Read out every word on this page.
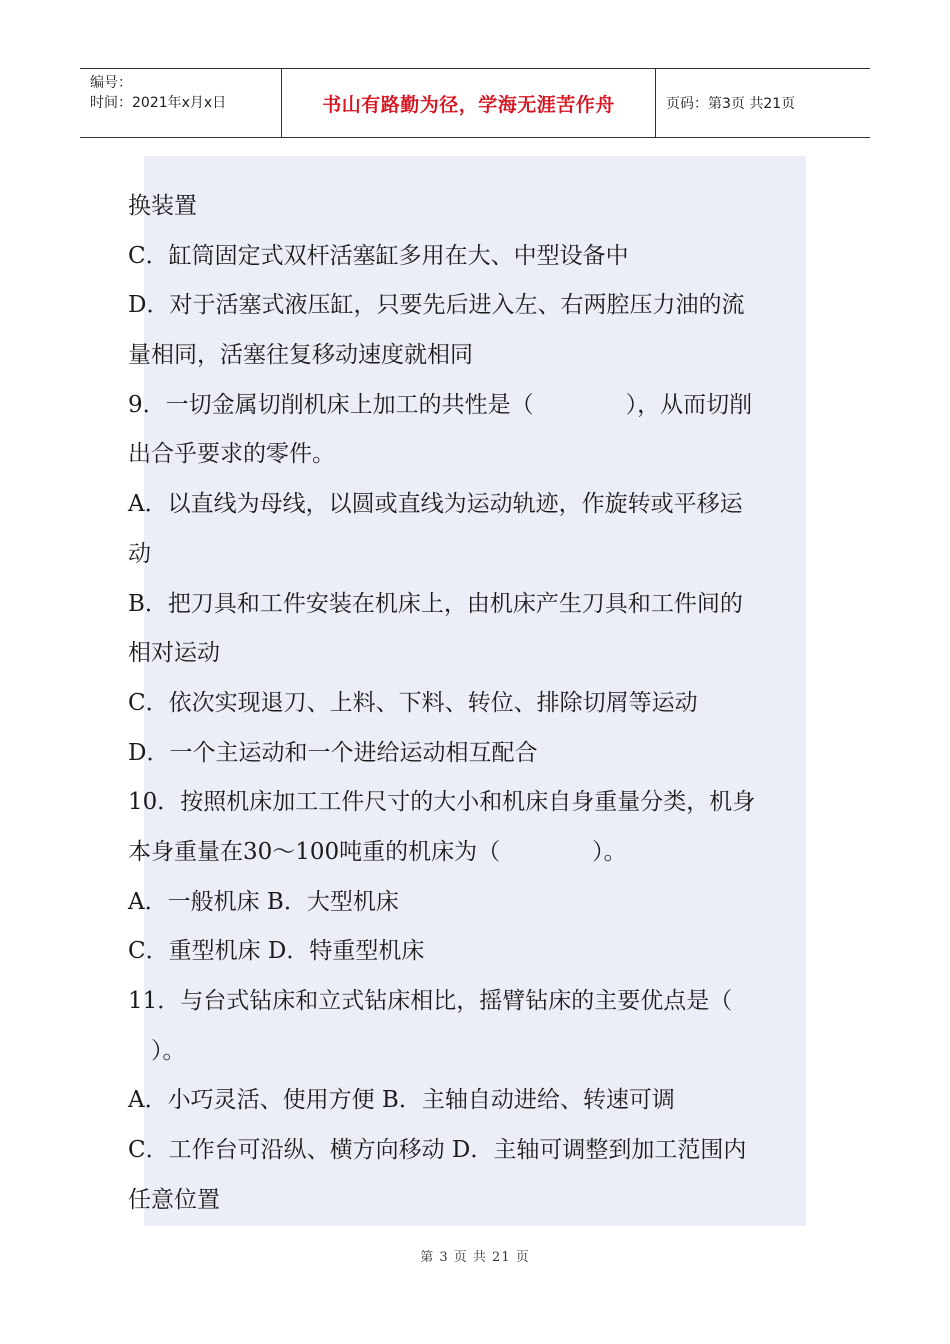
编号：
时间：2021年x月x日	书山有路勤为径，学海无涯苦作舟	页码：第3页 共21页
换装置
C．缸筒固定式双杆活塞缸多用在大、中型设备中
D．对于活塞式液压缸，只要先后进入左、右两腔压力油的流
量相同，活塞往复移动速度就相同
9．一切金属切削机床上加工的共性是（　　　　），从而切削
出合乎要求的零件。
A．以直线为母线，以圆或直线为运动轨迹，作旋转或平移运
动
B．把刀具和工件安装在机床上，由机床产生刀具和工件间的
相对运动
C．依次实现退刀、上料、下料、转位、排除切屑等运动
D．一个主运动和一个进给运动相互配合
10．按照机床加工工件尺寸的大小和机床自身重量分类，机身
本身重量在30～100吨重的机床为（　　　　）。
A．一般机床 B．大型机床
C．重型机床 D．特重型机床
11．与台式钻床和立式钻床相比，摇臂钻床的主要优点是（
　）。
A．小巧灵活、使用方便 B．主轴自动进给、转速可调
C．工作台可沿纵、横方向移动 D．主轴可调整到加工范围内
任意位置
第 3 页 共 21 页
